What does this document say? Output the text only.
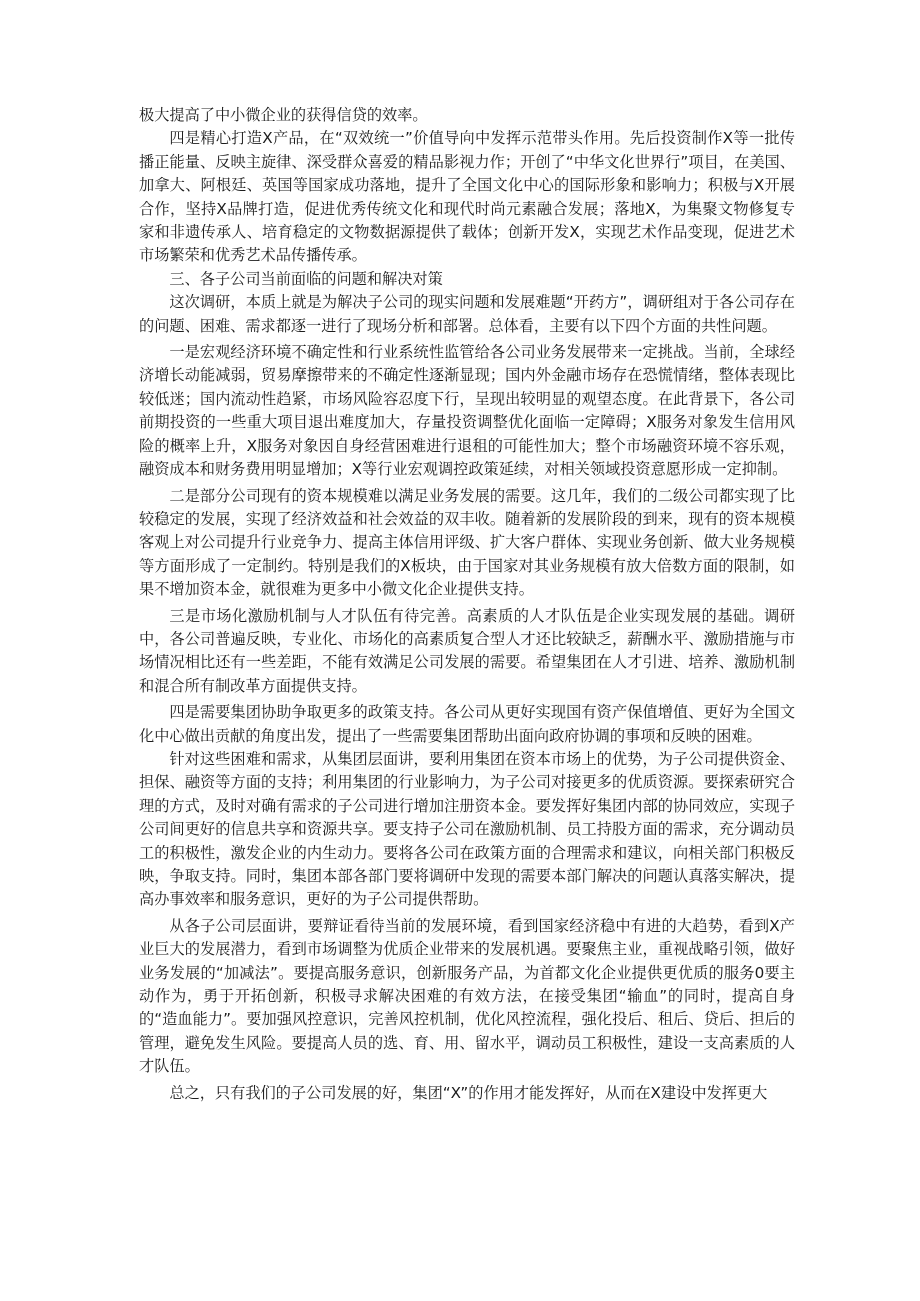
极大提高了中小微企业的获得信贷的效率。

四是精心打造X产品，在“双效统一”价值导向中发挥示范带头作用。先后投资制作X等一批传播正能量、反映主旋律、深受群众喜爱的精品影视力作；开创了“中华文化世界行”项目，在美国、加拿大、阿根廷、英国等国家成功落地，提升了全国文化中心的国际形象和影响力；积极与X开展合作，坚持X品牌打造，促进优秀传统文化和现代时尚元素融合发展；落地X，为集聚文物修复专家和非遗传承人、培育稳定的文物数据源提供了载体；创新开发X，实现艺术作品变现，促进艺术市场繁荣和优秀艺术品传播传承。

三、各子公司当前面临的问题和解决对策

这次调研，本质上就是为解决子公司的现实问题和发展难题“开药方”，调研组对于各公司存在的问题、困难、需求都逐一进行了现场分析和部署。总体看，主要有以下四个方面的共性问题。

一是宏观经济环境不确定性和行业系统性监管给各公司业务发展带来一定挑战。当前，全球经济增长动能减弱，贸易摩擦带来的不确定性逐渐显现；国内外金融市场存在恐慌情绪，整体表现比较低迷；国内流动性趋紧，市场风险容忍度下行，呈现出较明显的观望态度。在此背景下，各公司前期投资的一些重大项目退出难度加大，存量投资调整优化面临一定障碍；X服务对象发生信用风险的概率上升，X服务对象因自身经营困难进行退租的可能性加大；整个市场融资环境不容乐观，融资成本和财务费用明显增加；X等行业宏观调控政策延续，对相关领域投资意愿形成一定抑制。

二是部分公司现有的资本规模难以满足业务发展的需要。这几年，我们的二级公司都实现了比较稳定的发展，实现了经济效益和社会效益的双丰收。随着新的发展阶段的到来，现有的资本规模客观上对公司提升行业竞争力、提高主体信用评级、扩大客户群体、实现业务创新、做大业务规模等方面形成了一定制约。特别是我们的X板块，由于国家对其业务规模有放大倍数方面的限制，如果不增加资本金，就很难为更多中小微文化企业提供支持。

三是市场化激励机制与人才队伍有待完善。高素质的人才队伍是企业实现发展的基础。调研中，各公司普遍反映，专业化、市场化的高素质复合型人才还比较缺乏，薪酬水平、激励措施与市场情况相比还有一些差距，不能有效满足公司发展的需要。希望集团在人才引进、培养、激励机制和混合所有制改革方面提供支持。

四是需要集团协助争取更多的政策支持。各公司从更好实现国有资产保值增值、更好为全国文化中心做出贡献的角度出发，提出了一些需要集团帮助出面向政府协调的事项和反映的困难。

针对这些困难和需求，从集团层面讲，要利用集团在资本市场上的优势，为子公司提供资金、担保、融资等方面的支持；利用集团的行业影响力，为子公司对接更多的优质资源。要探索研究合理的方式，及时对确有需求的子公司进行增加注册资本金。要发挥好集团内部的协同效应，实现子公司间更好的信息共享和资源共享。要支持子公司在激励机制、员工持股方面的需求，充分调动员工的积极性，激发企业的内生动力。要将各公司在政策方面的合理需求和建议，向相关部门积极反映，争取支持。同时，集团本部各部门要将调研中发现的需要本部门解决的问题认真落实解决，提高办事效率和服务意识，更好的为子公司提供帮助。

从各子公司层面讲，要辩证看待当前的发展环境，看到国家经济稳中有进的大趋势，看到X产业巨大的发展潜力，看到市场调整为优质企业带来的发展机遇。要聚焦主业，重视战略引领，做好业务发展的“加减法”。要提高服务意识，创新服务产品，为首都文化企业提供更优质的服务0要主动作为，勇于开拓创新，积极寻求解决困难的有效方法，在接受集团“输血”的同时，提高自身的“造血能力”。要加强风控意识，完善风控机制，优化风控流程，强化投后、租后、贷后、担后的管理，避免发生风险。要提高人员的选、育、用、留水平，调动员工积极性，建设一支高素质的人才队伍。

总之，只有我们的子公司发展的好，集团“X”的作用才能发挥好，从而在X建设中发挥更大
